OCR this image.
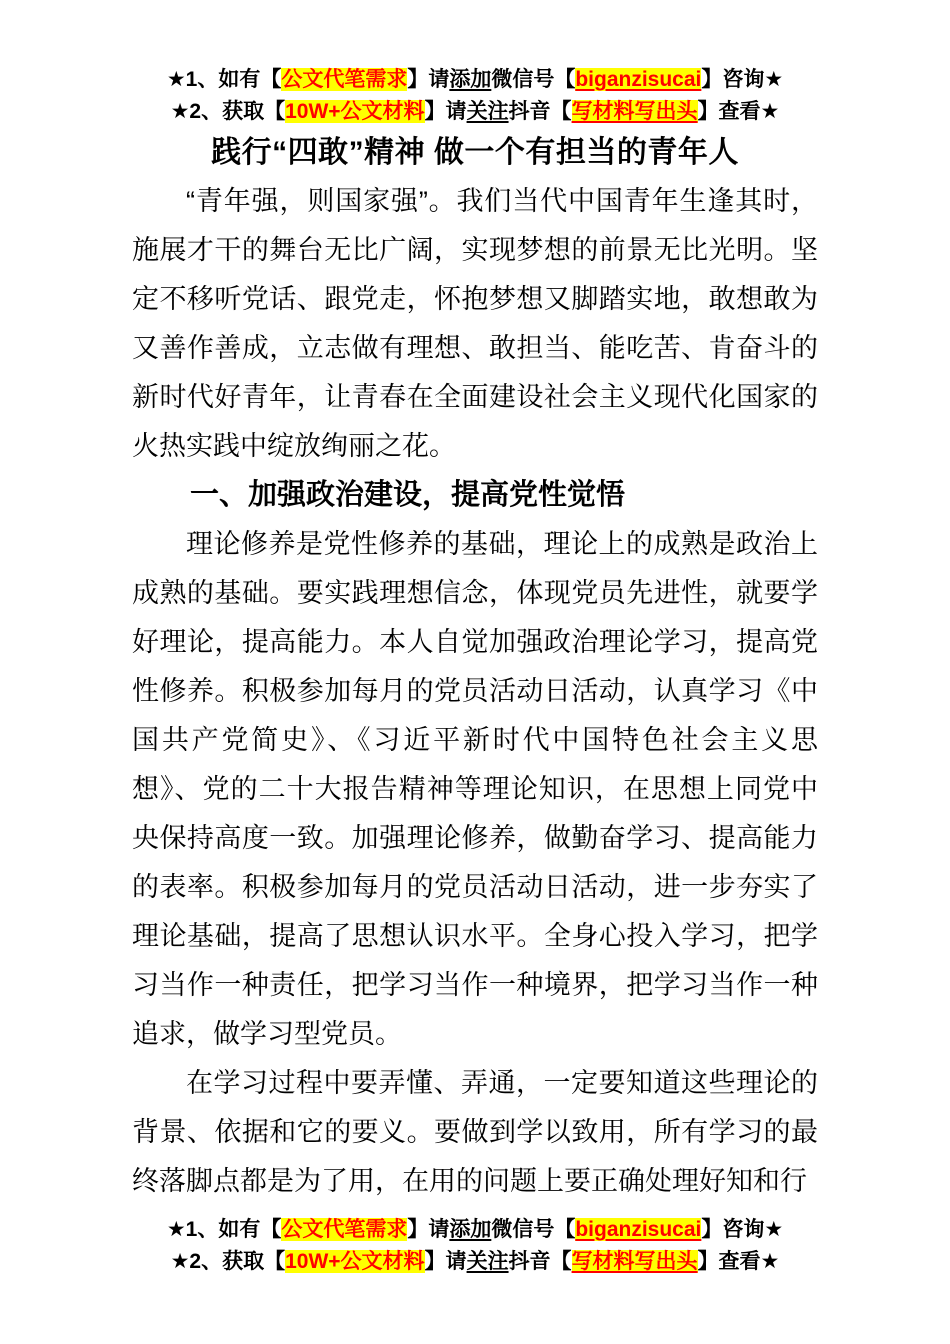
★1、如有【公文代笔需求】请添加微信号【biganzisucai】咨询★
★2、获取【10W+公文材料】请关注抖音【写材料写出头】查看★
践行“四敢”精神 做一个有担当的青年人

“青年强，则国家强”。我们当代中国青年生逢其时，施展才干的舞台无比广阔，实现梦想的前景无比光明。坚定不移听党话、跟党走，怀抱梦想又脚踏实地，敢想敢为又善作善成，立志做有理想、敢担当、能吃苦、肯奋斗的新时代好青年，让青春在全面建设社会主义现代化国家的火热实践中绽放绚丽之花。

一、加强政治建设，提高党性觉悟

理论修养是党性修养的基础，理论上的成熟是政治上成熟的基础。要实践理想信念，体现党员先进性，就要学好理论，提高能力。本人自觉加强政治理论学习，提高党性修养。积极参加每月的党员活动日活动，认真学习《中国共产党简史》、《习近平新时代中国特色社会主义思想》、党的二十大报告精神等理论知识，在思想上同党中央保持高度一致。加强理论修养，做勤奋学习、提高能力的表率。积极参加每月的党员活动日活动，进一步夯实了理论基础，提高了思想认识水平。全身心投入学习，把学习当作一种责任，把学习当作一种境界，把学习当作一种追求，做学习型党员。

在学习过程中要弄懂、弄通，一定要知道这些理论的背景、依据和它的要义。要做到学以致用，所有学习的最终落脚点都是为了用，在用的问题上要正确处理好知和行

★1、如有【公文代笔需求】请添加微信号【biganzisucai】咨询★
★2、获取【10W+公文材料】请关注抖音【写材料写出头】查看★
